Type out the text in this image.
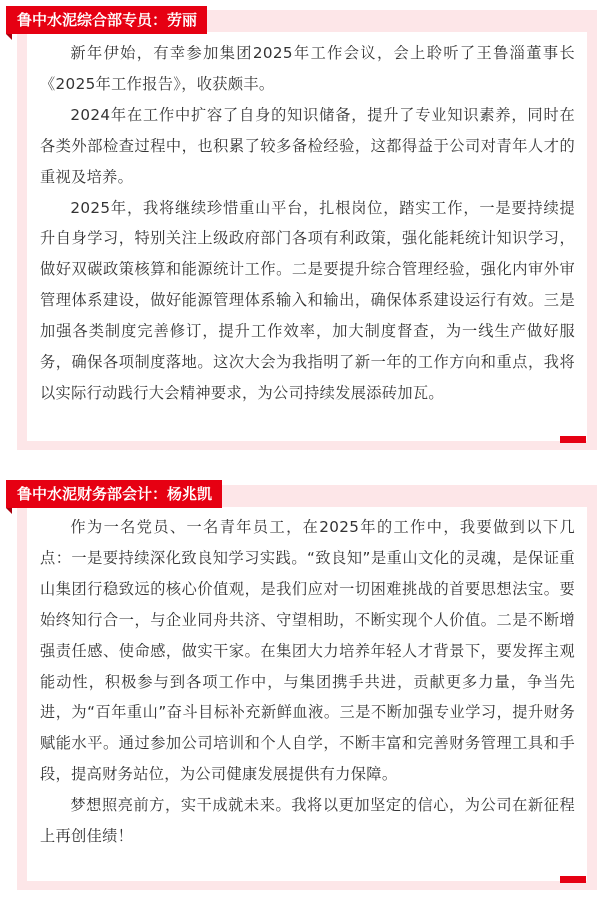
鲁中水泥综合部专员：劳丽

新年伊始，有幸参加集团2025年工作会议，会上聆听了王鲁淄董事长《2025年工作报告》，收获颇丰。

2024年在工作中扩容了自身的知识储备，提升了专业知识素养，同时在各类外部检查过程中，也积累了较多备检经验，这都得益于公司对青年人才的重视及培养。

2025年，我将继续珍惜重山平台，扎根岗位，踏实工作，一是要持续提升自身学习，特别关注上级政府部门各项有利政策，强化能耗统计知识学习，做好双碳政策核算和能源统计工作。二是要提升综合管理经验，强化内审外审管理体系建设，做好能源管理体系输入和输出，确保体系建设运行有效。三是加强各类制度完善修订，提升工作效率，加大制度督查，为一线生产做好服务，确保各项制度落地。这次大会为我指明了新一年的工作方向和重点，我将以实际行动践行大会精神要求，为公司持续发展添砖加瓦。

鲁中水泥财务部会计：杨兆凯

作为一名党员、一名青年员工，在2025年的工作中，我要做到以下几点：一是要持续深化致良知学习实践。“致良知”是重山文化的灵魂，是保证重山集团行稳致远的核心价值观，是我们应对一切困难挑战的首要思想法宝。要始终知行合一，与企业同舟共济、守望相助，不断实现个人价值。二是不断增强责任感、使命感，做实干家。在集团大力培养年轻人才背景下，要发挥主观能动性，积极参与到各项工作中，与集团携手共进，贡献更多力量，争当先进，为“百年重山”奋斗目标补充新鲜血液。三是不断加强专业学习，提升财务赋能水平。通过参加公司培训和个人自学，不断丰富和完善财务管理工具和手段，提高财务站位，为公司健康发展提供有力保障。

梦想照亮前方，实干成就未来。我将以更加坚定的信心，为公司在新征程上再创佳绩！
